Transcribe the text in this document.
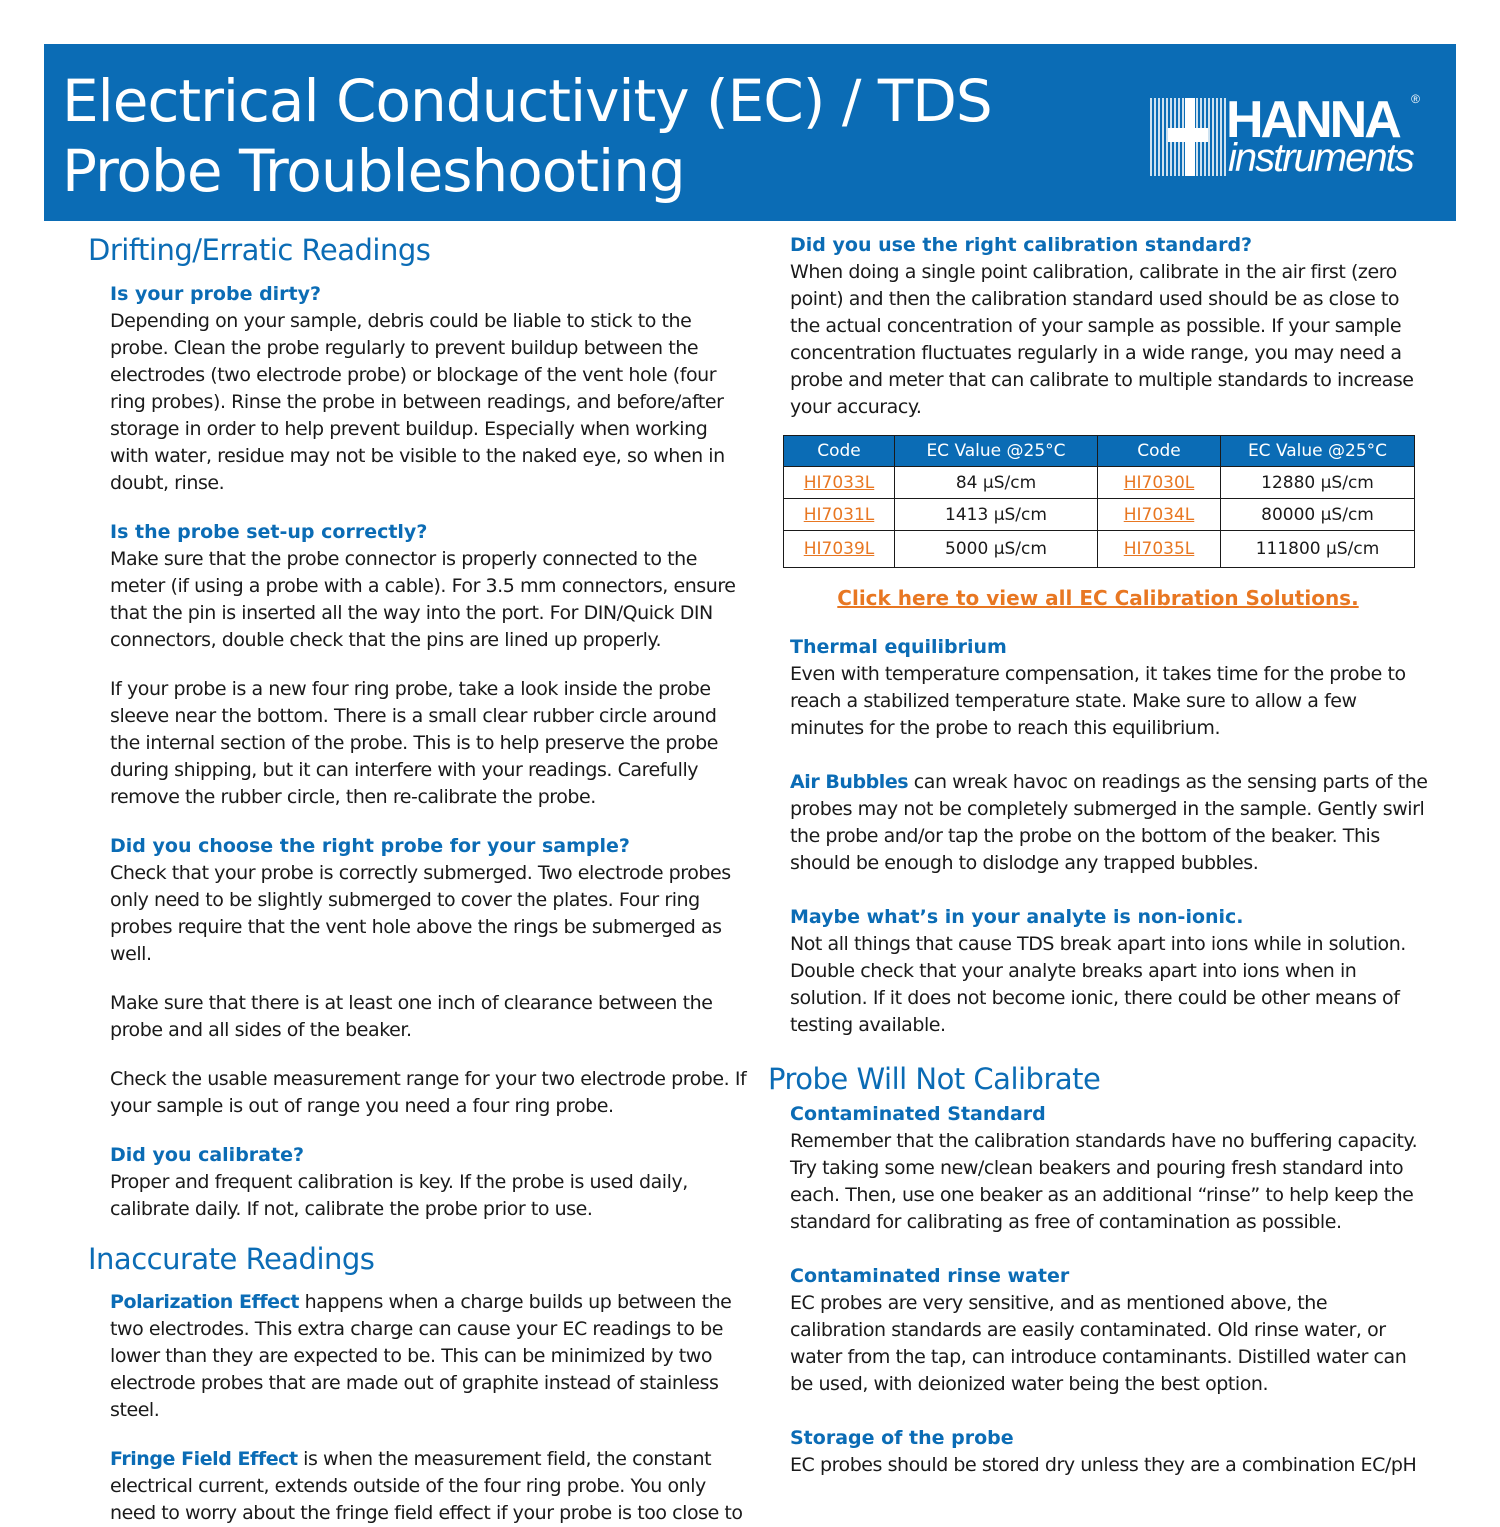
Electrical Conductivity (EC) / TDS
Probe Troubleshooting
HANNA ®
instruments
Drifting/Erratic Readings
Is your probe dirty?

Depending on your sample, debris could be liable to stick to the probe. Clean the probe regularly to prevent buildup between the electrodes (two electrode probe) or blockage of the vent hole (four ring probes). Rinse the probe in between readings, and before/after storage in order to help prevent buildup. Especially when working with water, residue may not be visible to the naked eye, so when in doubt, rinse.

Is the probe set-up correctly?

Make sure that the probe connector is properly connected to the meter (if using a probe with a cable). For 3.5 mm connectors, ensure that the pin is inserted all the way into the port. For DIN/Quick DIN connectors, double check that the pins are lined up properly.

If your probe is a new four ring probe, take a look inside the probe sleeve near the bottom. There is a small clear rubber circle around the internal section of the probe. This is to help preserve the probe during shipping, but it can interfere with your readings. Carefully remove the rubber circle, then re-calibrate the probe.

Did you choose the right probe for your sample?

Check that your probe is correctly submerged. Two electrode probes only need to be slightly submerged to cover the plates. Four ring probes require that the vent hole above the rings be submerged as well.

Make sure that there is at least one inch of clearance between the probe and all sides of the beaker.

Check the usable measurement range for your two electrode probe. If your sample is out of range you need a four ring probe.

Did you calibrate?

Proper and frequent calibration is key. If the probe is used daily, calibrate daily. If not, calibrate the probe prior to use.

Inaccurate Readings

Polarization Effect happens when a charge builds up between the two electrodes. This extra charge can cause your EC readings to be lower than they are expected to be. This can be minimized by two electrode probes that are made out of graphite instead of stainless steel.

Fringe Field Effect is when the measurement field, the constant electrical current, extends outside of the four ring probe. You only need to worry about the fringe field effect if your probe is too close to

Did you use the right calibration standard?

When doing a single point calibration, calibrate in the air first (zero point) and then the calibration standard used should be as close to the actual concentration of your sample as possible. If your sample concentration fluctuates regularly in a wide range, you may need a probe and meter that can calibrate to multiple standards to increase your accuracy.

Code	EC Value @25°C	Code	EC Value @25°C
HI7033L	84 μS/cm	HI7030L	12880 μS/cm
HI7031L	1413 μS/cm	HI7034L	80000 μS/cm
HI7039L	5000 μS/cm	HI7035L	111800 μS/cm
Click here to view all EC Calibration Solutions.
Thermal equilibrium

Even with temperature compensation, it takes time for the probe to reach a stabilized temperature state. Make sure to allow a few minutes for the probe to reach this equilibrium.

Air Bubbles can wreak havoc on readings as the sensing parts of the probes may not be completely submerged in the sample. Gently swirl the probe and/or tap the probe on the bottom of the beaker. This should be enough to dislodge any trapped bubbles.

Maybe what’s in your analyte is non-ionic.

Not all things that cause TDS break apart into ions while in solution. Double check that your analyte breaks apart into ions when in solution. If it does not become ionic, there could be other means of testing available.

Probe Will Not Calibrate
Contaminated Standard

Remember that the calibration standards have no buffering capacity. Try taking some new/clean beakers and pouring fresh standard into each. Then, use one beaker as an additional “rinse” to help keep the standard for calibrating as free of contamination as possible.

Contaminated rinse water

EC probes are very sensitive, and as mentioned above, the calibration standards are easily contaminated. Old rinse water, or water from the tap, can introduce contaminants. Distilled water can be used, with deionized water being the best option.

Storage of the probe

EC probes should be stored dry unless they are a combination EC/pH
